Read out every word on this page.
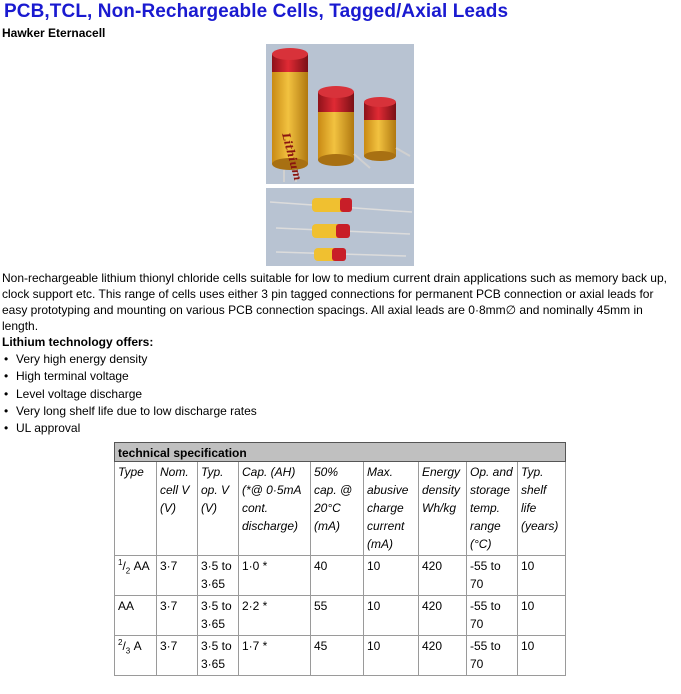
PCB,TCL, Non-Rechargeable Cells, Tagged/Axial Leads
Hawker Eternacell
Lithium
Non-rechargeable lithium thionyl chloride cells suitable for low to medium current drain applications such as memory back up, clock support etc. This range of cells uses either 3 pin tagged connections for permanent PCB connection or axial leads for easy prototyping and mounting on various PCB connection spacings. All axial leads are 0·8mm∅ and nominally 45mm in length.
Lithium technology offers:
• Very high energy density
• High terminal voltage
• Level voltage discharge
• Very long shelf life due to low discharge rates
• UL approval
technical specification								
Type	Nom. cell V (V)	Typ. op. V (V)	Cap. (AH) (*@ 0·5mA cont. discharge)	50% cap. @ 20°C (mA)	Max. abusive charge current (mA)	Energy density Wh/kg	Op. and storage temp. range (°C)	Typ. shelf life (years)
$^1/_2$ AA	3·7	3·5 to 3·65	1·0 *	40	10	420	-55 to 70	10
AA	3·7	3·5 to 3·65	2·2 *	55	10	420	-55 to 70	10
$^2/_3$ A	3·7	3·5 to 3·65	1·7 *	45	10	420	-55 to 70	10
